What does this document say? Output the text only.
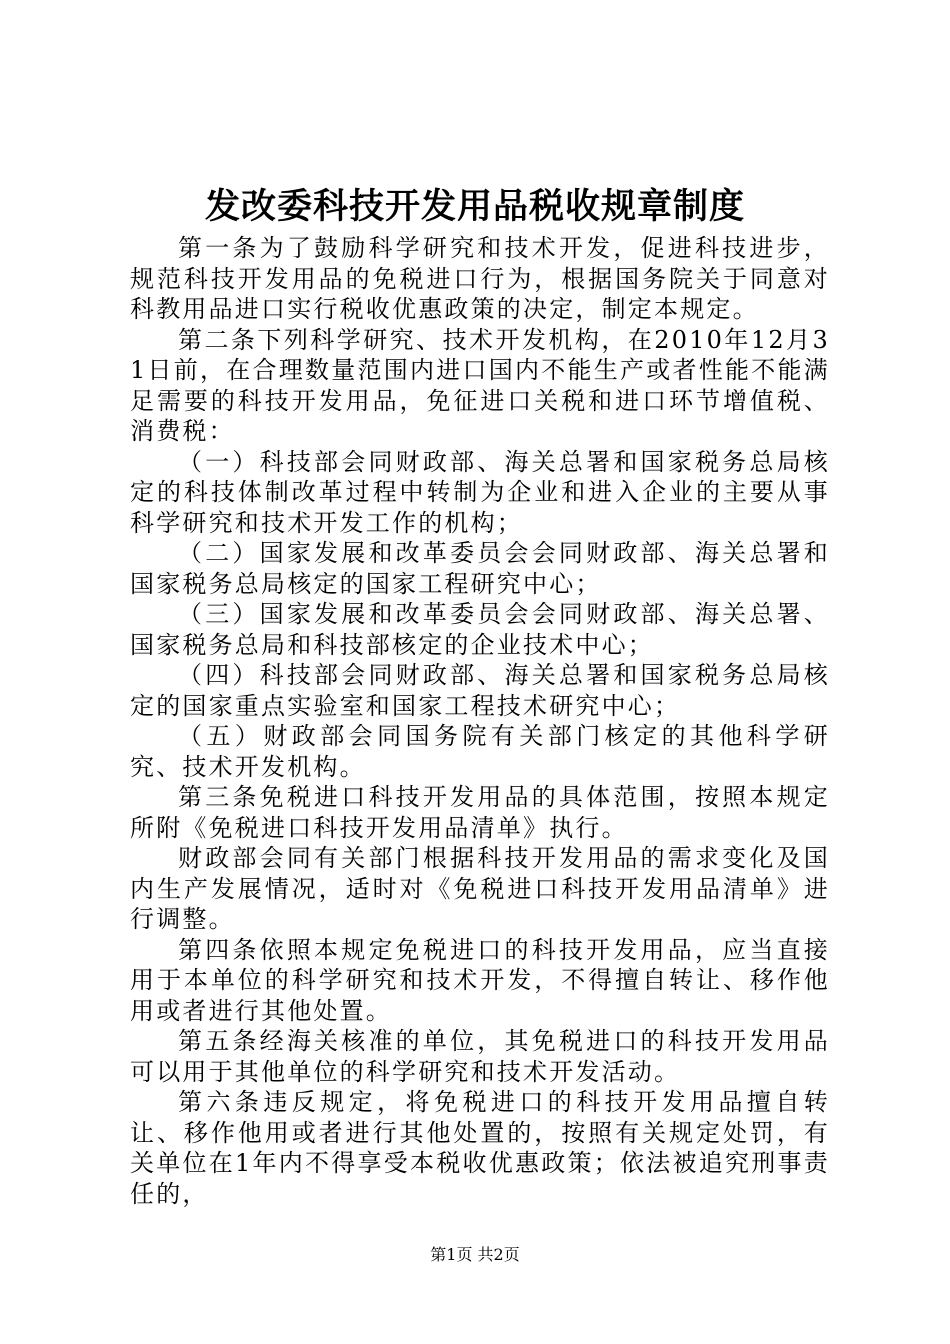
发改委科技开发用品税收规章制度

第一条为了鼓励科学研究和技术开发，促进科技进步，规范科技开发用品的免税进口行为，根据国务院关于同意对科教用品进口实行税收优惠政策的决定，制定本规定。

第二条下列科学研究、技术开发机构，在2010年12月31日前，在合理数量范围内进口国内不能生产或者性能不能满足需要的科技开发用品，免征进口关税和进口环节增值税、消费税：

（一）科技部会同财政部、海关总署和国家税务总局核定的科技体制改革过程中转制为企业和进入企业的主要从事科学研究和技术开发工作的机构；

（二）国家发展和改革委员会会同财政部、海关总署和国家税务总局核定的国家工程研究中心；

（三）国家发展和改革委员会会同财政部、海关总署、国家税务总局和科技部核定的企业技术中心；

（四）科技部会同财政部、海关总署和国家税务总局核定的国家重点实验室和国家工程技术研究中心；

（五）财政部会同国务院有关部门核定的其他科学研究、技术开发机构。

第三条免税进口科技开发用品的具体范围，按照本规定所附《免税进口科技开发用品清单》执行。

财政部会同有关部门根据科技开发用品的需求变化及国内生产发展情况，适时对《免税进口科技开发用品清单》进行调整。

第四条依照本规定免税进口的科技开发用品，应当直接用于本单位的科学研究和技术开发，不得擅自转让、移作他用或者进行其他处置。

第五条经海关核准的单位，其免税进口的科技开发用品可以用于其他单位的科学研究和技术开发活动。

第六条违反规定，将免税进口的科技开发用品擅自转让、移作他用或者进行其他处置的，按照有关规定处罚，有关单位在1年内不得享受本税收优惠政策；依法被追究刑事责任的，

第1页 共2页
